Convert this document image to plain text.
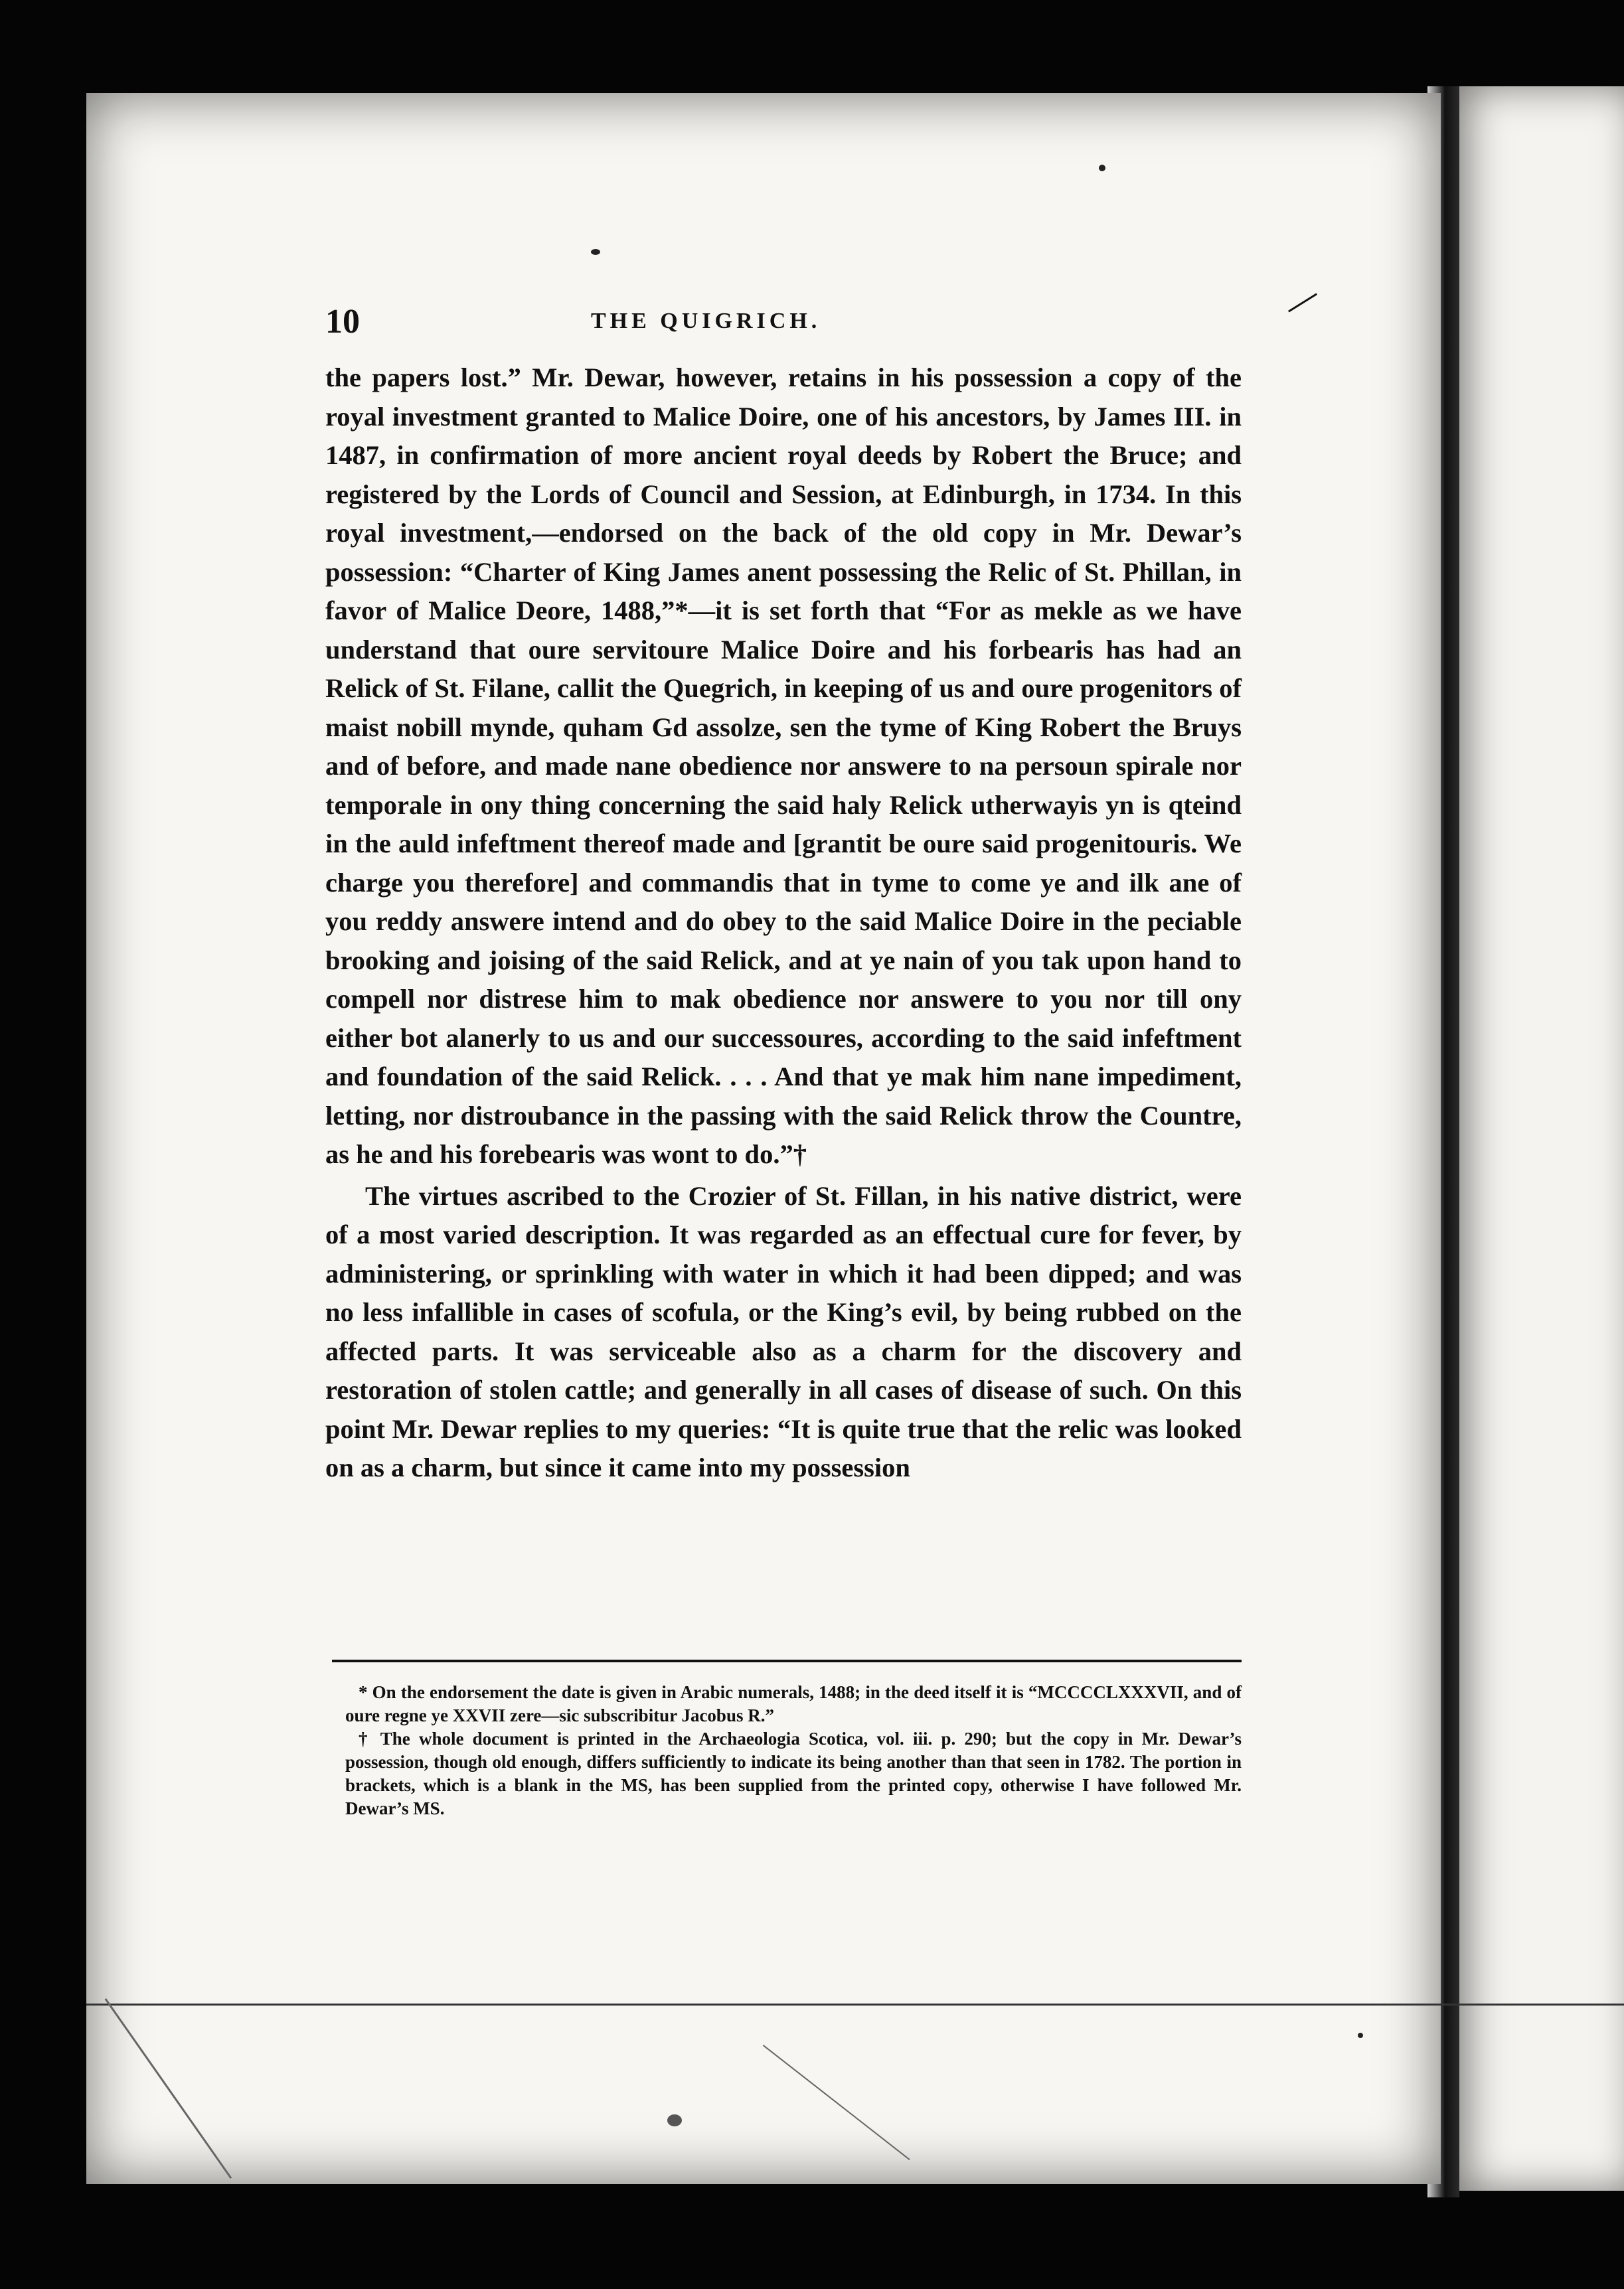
10	THE QUIGRICH.

the papers lost.” Mr. Dewar, however, retains in his possession a copy of the royal investment granted to Malice Doire, one of his ancestors, by James III. in 1487, in confirmation of more ancient royal deeds by Robert the Bruce; and registered by the Lords of Council and Session, at Edinburgh, in 1734. In this royal investment,—endorsed on the back of the old copy in Mr. Dewar’s possession: “Charter of King James anent possessing the Relic of St. Phillan, in favor of Malice Deore, 1488,”*—it is set forth that “For as mekle as we have understand that oure servitoure Malice Doire and his forbearis has had an Relick of St. Filane, callit the Quegrich, in keeping of us and oure progenitors of maist nobill mynde, quham Gd assolze, sen the tyme of King Robert the Bruys and of before, and made nane obedience nor answere to na persoun spirale nor temporale in ony thing concerning the said haly Relick utherwayis yn is qteind in the auld infeftment thereof made and [grantit be oure said progenitouris. We charge you therefore] and commandis that in tyme to come ye and ilk ane of you reddy answere intend and do obey to the said Malice Doire in the peciable brooking and joising of the said Relick, and at ye nain of you tak upon hand to compell nor distrese him to mak obedience nor answere to you nor till ony either bot alanerly to us and our successoures, according to the said infeftment and foundation of the said Relick. . . . And that ye mak him nane impediment, letting, nor distroubance in the passing with the said Relick throw the Countre, as he and his forebearis was wont to do.”†

The virtues ascribed to the Crozier of St. Fillan, in his native district, were of a most varied description. It was regarded as an effectual cure for fever, by administering, or sprinkling with water in which it had been dipped; and was no less infallible in cases of scofula, or the King’s evil, by being rubbed on the affected parts. It was serviceable also as a charm for the discovery and restoration of stolen cattle; and generally in all cases of disease of such. On this point Mr. Dewar replies to my queries: “It is quite true that the relic was looked on as a charm, but since it came into my possession

* On the endorsement the date is given in Arabic numerals, 1488; in the deed itself it is “MCCCCLXXXVII, and of oure regne ye XXVII zere—sic subscribitur Jacobus R.”

† The whole document is printed in the Archaeologia Scotica, vol. iii. p. 290; but the copy in Mr. Dewar’s possession, though old enough, differs sufficiently to indicate its being another than that seen in 1782. The portion in brackets, which is a blank in the MS, has been supplied from the printed copy, otherwise I have followed Mr. Dewar’s MS.
